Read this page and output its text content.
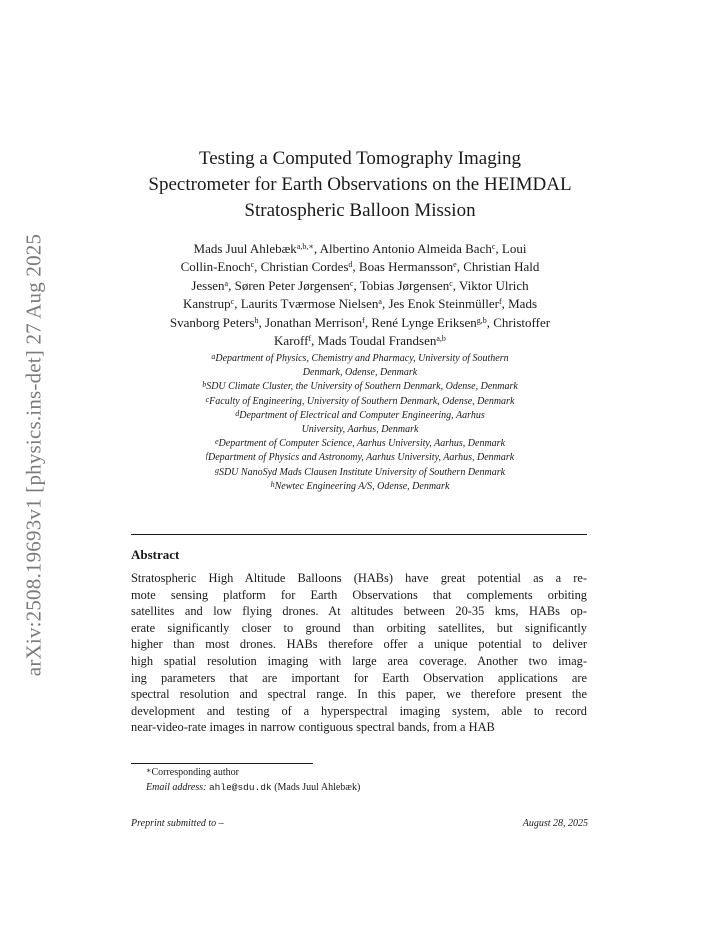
arXiv:2508.19693v1 [physics.ins-det] 27 Aug 2025
Testing a Computed Tomography Imaging
Spectrometer for Earth Observations on the HEIMDAL
Stratospheric Balloon Mission
Mads Juul Ahlebæk$^{a,b,∗}$, Albertino Antonio Almeida Bach$^c$, Loui
Collin-Enoch$^c$, Christian Cordes$^d$, Boas Hermansson$^e$, Christian Hald
Jessen$^a$, Søren Peter Jørgensen$^c$, Tobias Jørgensen$^c$, Viktor Ulrich
Kanstrup$^c$, Laurits Tværmose Nielsen$^a$, Jes Enok Steinmüller$^f$, Mads
Svanborg Peters$^h$, Jonathan Merrison$^f$, René Lynge Eriksen$^{g,b}$, Christoffer
Karoff$^f$, Mads Toudal Frandsen$^{a,b}$
$^a$Department of Physics, Chemistry and Pharmacy, University of Southern
Denmark, Odense, Denmark
$^b$SDU Climate Cluster, the University of Southern Denmark, Odense, Denmark
$^c$Faculty of Engineering, University of Southern Denmark, Odense, Denmark
$^d$Department of Electrical and Computer Engineering, Aarhus
University, Aarhus, Denmark
$^e$Department of Computer Science, Aarhus University, Aarhus, Denmark
$^f$Department of Physics and Astronomy, Aarhus University, Aarhus, Denmark
$^g$SDU NanoSyd Mads Clausen Institute University of Southern Denmark
$^h$Newtec Engineering A/S, Odense, Denmark
Abstract
Stratospheric High Altitude Balloons (HABs) have great potential as a re-
mote sensing platform for Earth Observations that complements orbiting
satellites and low flying drones. At altitudes between 20-35 kms, HABs op-
erate significantly closer to ground than orbiting satellites, but significantly
higher than most drones. HABs therefore offer a unique potential to deliver
high spatial resolution imaging with large area coverage. Another two imag-
ing parameters that are important for Earth Observation applications are
spectral resolution and spectral range. In this paper, we therefore present the
development and testing of a hyperspectral imaging system, able to record
near-video-rate images in narrow contiguous spectral bands, from a HAB
∗Corresponding author
Email address: ahle@sdu.dk (Mads Juul Ahlebæk)
Preprint submitted to –	August 28, 2025
